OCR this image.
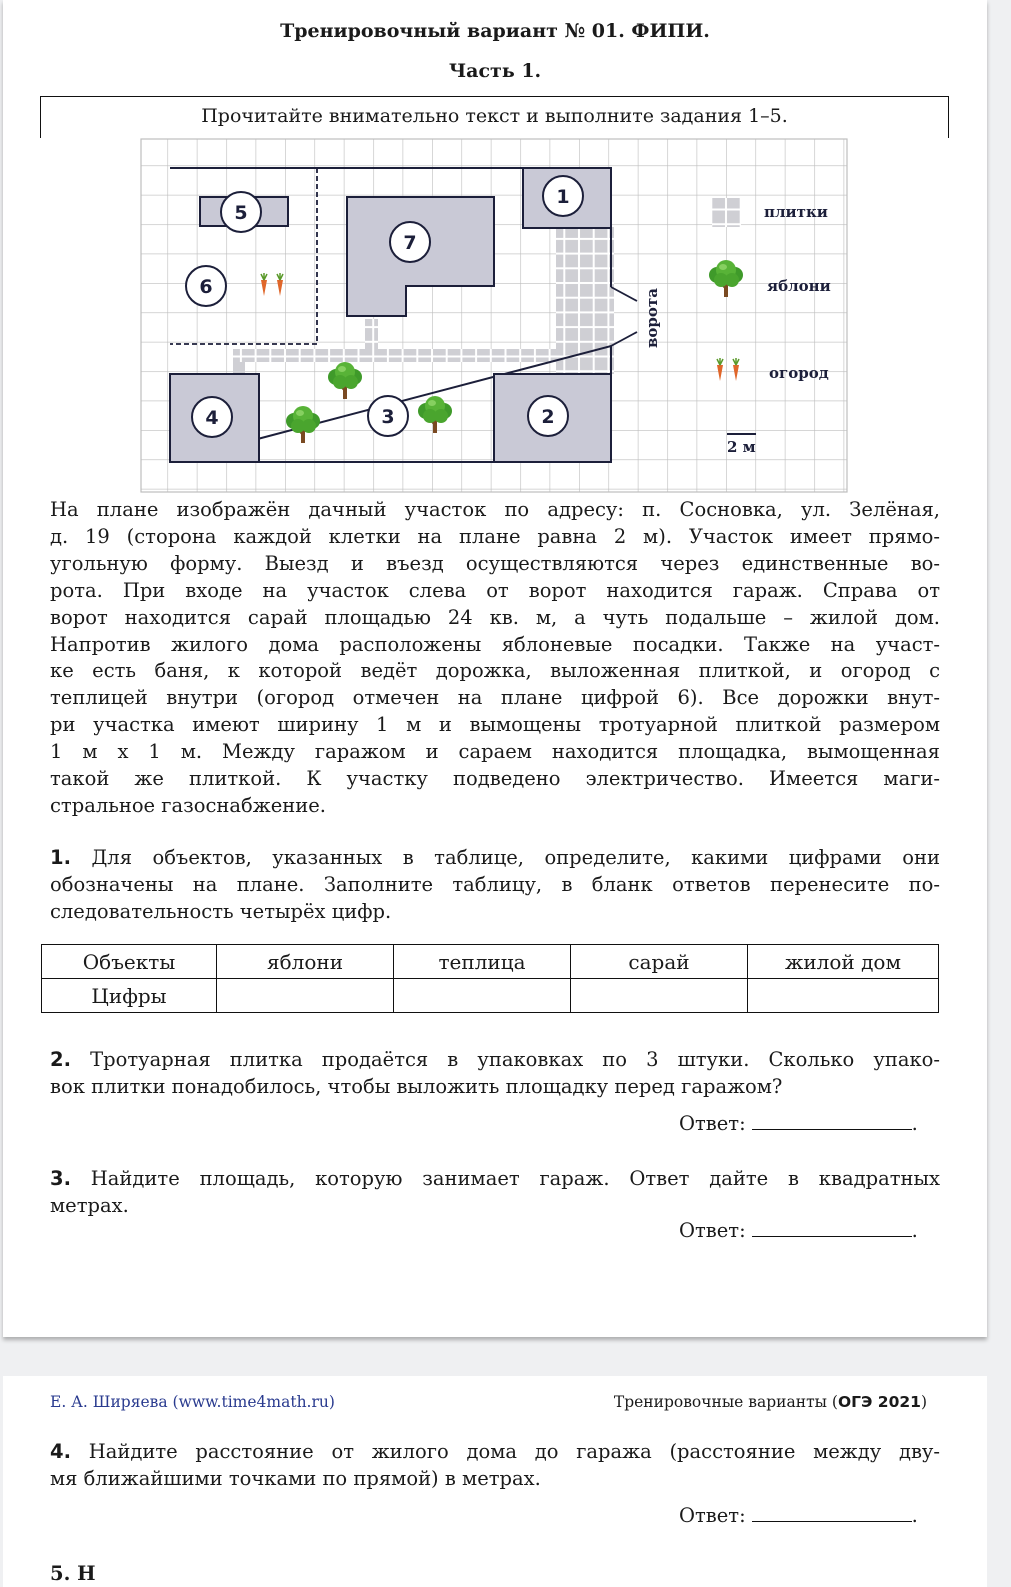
Тренировочный вариант № 01. ФИПИ.
Часть 1.
Прочитайте внимательно текст и выполните задания 1–5.
1
2
3
4
5
6
7
ворота
плитки
яблони
огород
2 м
На плане изображён дачный участок по адресу: п. Сосновка, ул. Зелёная,
д. 19 (сторона каждой клетки на плане равна 2 м). Участок имеет прямо-
угольную форму. Выезд и въезд осуществляются через единственные во-
рота. При входе на участок слева от ворот находится гараж. Справа от
ворот находится сарай площадью 24 кв. м, а чуть подальше – жилой дом.
Напротив жилого дома расположены яблоневые посадки. Также на участ-
ке есть баня, к которой ведёт дорожка, выложенная плиткой, и огород с
теплицей внутри (огород отмечен на плане цифрой 6). Все дорожки внут-
ри участка имеют ширину 1 м и вымощены тротуарной плиткой размером
1 м х 1 м. Между гаражом и сараем находится площадка, вымощенная
такой же плиткой. К участку подведено электричество. Имеется маги-
стральное газоснабжение.
1. Для объектов, указанных в таблице, определите, какими цифрами они
обозначены на плане. Заполните таблицу, в бланк ответов перенесите по-
следовательность четырёх цифр.
Объекты	яблони	теплица	сарай	жилой дом
Цифры				
2. Тротуарная плитка продаётся в упаковках по 3 штуки. Сколько упако-
вок плитки понадобилось, чтобы выложить площадку перед гаражом?
Ответ:	.
3. Найдите площадь, которую занимает гараж. Ответ дайте в квадратных
метрах.
Ответ:	.
Е. А. Ширяева (www.time4math.ru)	Тренировочные варианты (ОГЭ 2021)
4. Найдите расстояние от жилого дома до гаража (расстояние между дву-
мя ближайшими точками по прямой) в метрах.
Ответ:	.
5. Н
